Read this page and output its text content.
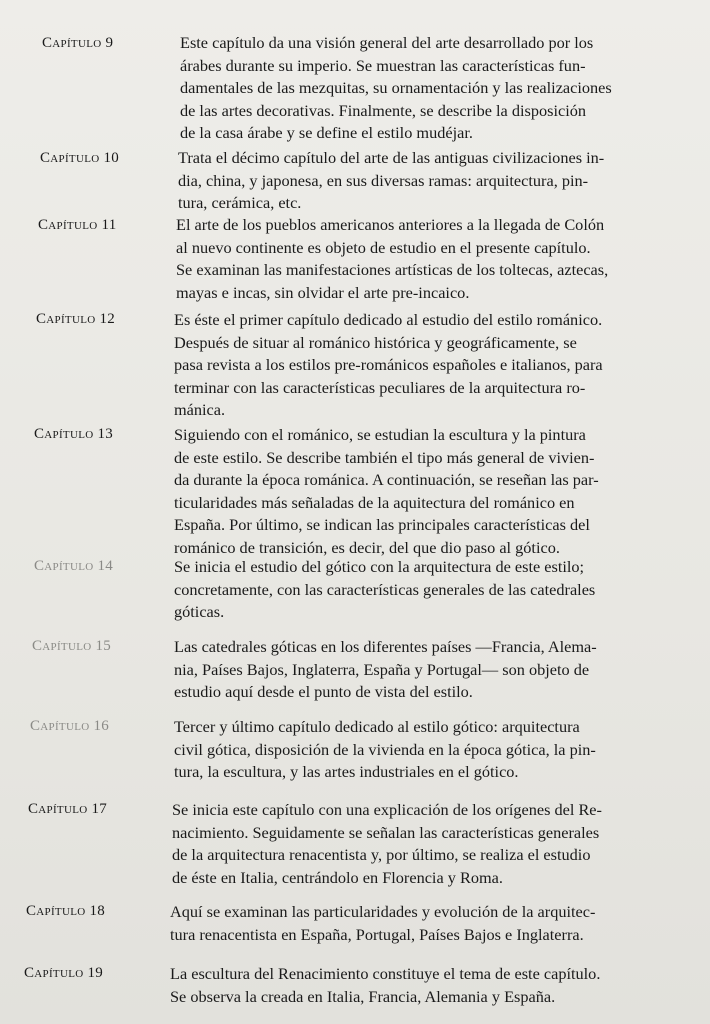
Capítulo 9	Este capítulo da una visión general del arte desarrollado por los
árabes durante su imperio. Se muestran las características fun-
damentales de las mezquitas, su ornamentación y las realizaciones
de las artes decorativas. Finalmente, se describe la disposición
de la casa árabe y se define el estilo mudéjar.
Capítulo 10	Trata el décimo capítulo del arte de las antiguas civilizaciones in-
dia, china, y japonesa, en sus diversas ramas: arquitectura, pin-
tura, cerámica, etc.
Capítulo 11	El arte de los pueblos americanos anteriores a la llegada de Colón
al nuevo continente es objeto de estudio en el presente capítulo.
Se examinan las manifestaciones artísticas de los toltecas, aztecas,
mayas e incas, sin olvidar el arte pre-incaico.
Capítulo 12	Es éste el primer capítulo dedicado al estudio del estilo románico.
Después de situar al románico histórica y geográficamente, se
pasa revista a los estilos pre-románicos españoles e italianos, para
terminar con las características peculiares de la arquitectura ro-
mánica.
Capítulo 13	Siguiendo con el románico, se estudian la escultura y la pintura
de este estilo. Se describe también el tipo más general de vivien-
da durante la época románica. A continuación, se reseñan las par-
ticularidades más señaladas de la aquitectura del románico en
España. Por último, se indican las principales características del
románico de transición, es decir, del que dio paso al gótico.
Capítulo 14	Se inicia el estudio del gótico con la arquitectura de este estilo;
concretamente, con las características generales de las catedrales
góticas.
Capítulo 15	Las catedrales góticas en los diferentes países —Francia, Alema-
nia, Países Bajos, Inglaterra, España y Portugal— son objeto de
estudio aquí desde el punto de vista del estilo.
Capítulo 16	Tercer y último capítulo dedicado al estilo gótico: arquitectura
civil gótica, disposición de la vivienda en la época gótica, la pin-
tura, la escultura, y las artes industriales en el gótico.
Capítulo 17	Se inicia este capítulo con una explicación de los orígenes del Re-
nacimiento. Seguidamente se señalan las características generales
de la arquitectura renacentista y, por último, se realiza el estudio
de éste en Italia, centrándolo en Florencia y Roma.
Capítulo 18	Aquí se examinan las particularidades y evolución de la arquitec-
tura renacentista en España, Portugal, Países Bajos e Inglaterra.
Capítulo 19	La escultura del Renacimiento constituye el tema de este capítulo.
Se observa la creada en Italia, Francia, Alemania y España.
